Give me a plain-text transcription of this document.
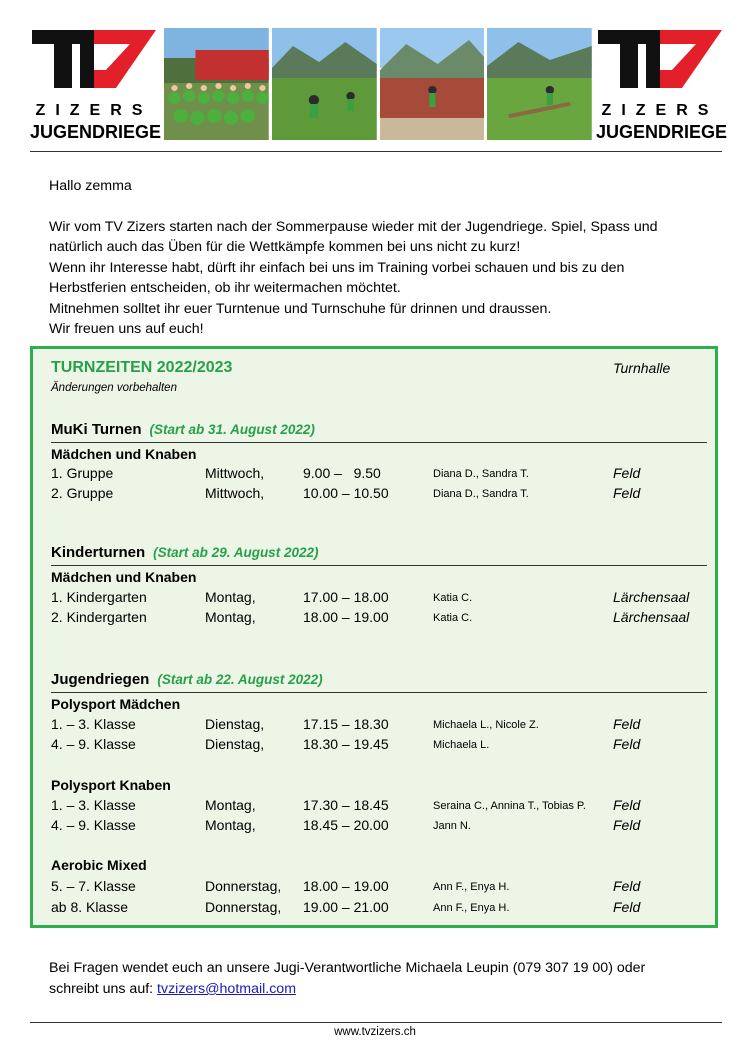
ZIZERS
JUGENDRIEGE
ZIZERS
JUGENDRIEGE

Hallo zemma

Wir vom TV Zizers starten nach der Sommerpause wieder mit der Jugendriege. Spiel, Spass und

natürlich auch das Üben für die Wettkämpfe kommen bei uns nicht zu kurz!

Wenn ihr Interesse habt, dürft ihr einfach bei uns im Training vorbei schauen und bis zu den

Herbstferien entscheiden, ob ihr weitermachen möchtet.

Mitnehmen solltet ihr euer Turntenue und Turnschuhe für drinnen und draussen.

Wir freuen uns auf euch!

TURNZEITEN 2022/2023
Änderungen vorbehalten
Turnhalle
MuKi Turnen (Start ab 31. August 2022)
Mädchen und Knaben
1. Gruppe	Mittwoch,	9.00 –   9.50	Diana D., Sandra T.	Feld
2. Gruppe	Mittwoch,	10.00 – 10.50	Diana D., Sandra T.	Feld
Kinderturnen (Start ab 29. August 2022)
Mädchen und Knaben
1. Kindergarten	Montag,	17.00 – 18.00	Katia C.	Lärchensaal
2. Kindergarten	Montag,	18.00 – 19.00	Katia C.	Lärchensaal
Jugendriegen (Start ab 22. August 2022)
Polysport Mädchen
1. – 3. Klasse	Dienstag,	17.15 – 18.30	Michaela L., Nicole Z.	Feld
4. – 9. Klasse	Dienstag,	18.30 – 19.45	Michaela L.	Feld
Polysport Knaben
1. – 3. Klasse	Montag,	17.30 – 18.45	Seraina C., Annina T., Tobias P. Feld
4. – 9. Klasse	Montag,	18.45 – 20.00	Jann N.	Feld
Aerobic Mixed
5. – 7. Klasse	Donnerstag, 18.00 – 19.00	Ann F., Enya H.	Feld
ab 8. Klasse	Donnerstag, 19.00 – 21.00	Ann F., Enya H.	Feld
Bei Fragen wendet euch an unsere Jugi-Verantwortliche Michaela Leupin (079 307 19 00) oder
schreibt uns auf: tvzizers@hotmail.com
www.tvzizers.ch
